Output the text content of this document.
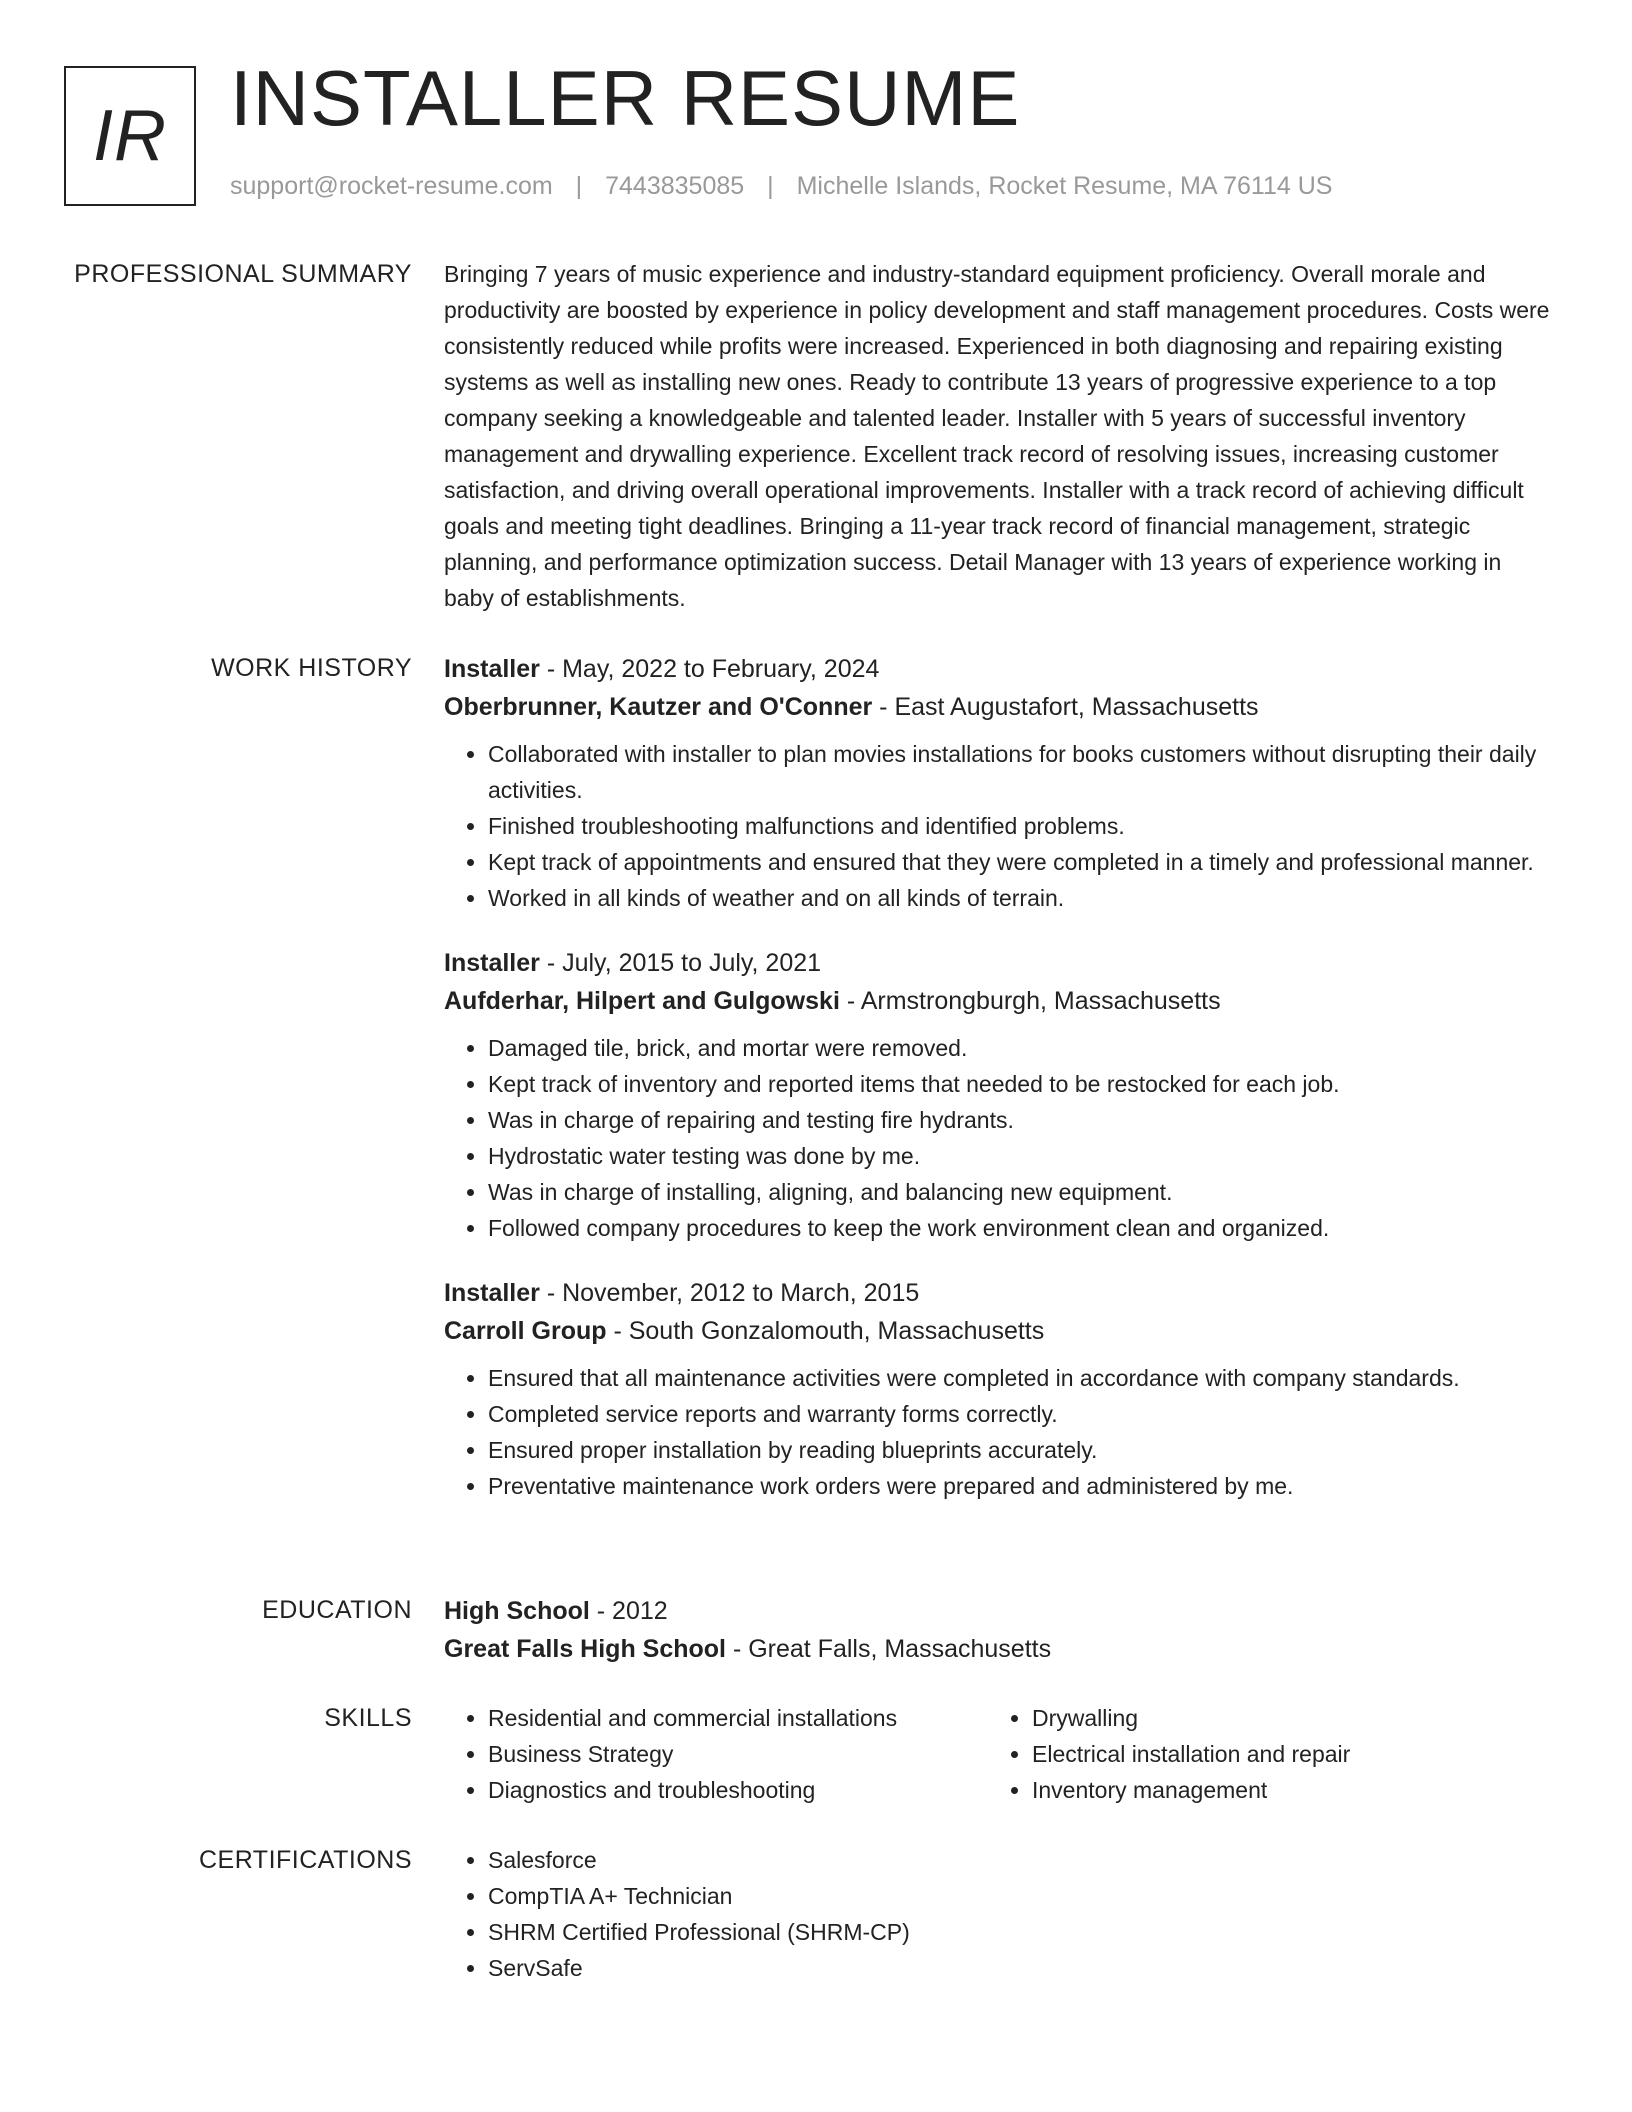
IR INSTALLER RESUME
support@rocket-resume.com | 7443835085 | Michelle Islands, Rocket Resume, MA 76114 US
PROFESSIONAL SUMMARY Bringing 7 years of music experience and industry-standard equipment proficiency. Overall morale and productivity are boosted by experience in policy development and staff management procedures. Costs were consistently reduced while profits were increased. Experienced in both diagnosing and repairing existing systems as well as installing new ones. Ready to contribute 13 years of progressive experience to a top company seeking a knowledgeable and talented leader. Installer with 5 years of successful inventory management and drywalling experience. Excellent track record of resolving issues, increasing customer satisfaction, and driving overall operational improvements. Installer with a track record of achieving difficult goals and meeting tight deadlines. Bringing a 11-year track record of financial management, strategic planning, and performance optimization success. Detail Manager with 13 years of experience working in baby of establishments.

WORK HISTORY Installer - May, 2022 to February, 2024
Oberbrunner, Kautzer and O'Conner - East Augustafort, Massachusetts
• Collaborated with installer to plan movies installations for books customers without disrupting their daily activities.
• Finished troubleshooting malfunctions and identified problems.
• Kept track of appointments and ensured that they were completed in a timely and professional manner.
• Worked in all kinds of weather and on all kinds of terrain.
Installer - July, 2015 to July, 2021
Aufderhar, Hilpert and Gulgowski - Armstrongburgh, Massachusetts
• Damaged tile, brick, and mortar were removed.
• Kept track of inventory and reported items that needed to be restocked for each job.
• Was in charge of repairing and testing fire hydrants.
• Hydrostatic water testing was done by me.
• Was in charge of installing, aligning, and balancing new equipment.
• Followed company procedures to keep the work environment clean and organized.
Installer - November, 2012 to March, 2015
Carroll Group - South Gonzalomouth, Massachusetts
• Ensured that all maintenance activities were completed in accordance with company standards.
• Completed service reports and warranty forms correctly.
• Ensured proper installation by reading blueprints accurately.
• Preventative maintenance work orders were prepared and administered by me.
EDUCATION High School - 2012
Great Falls High School - Great Falls, Massachusetts
SKILLS	• Residential and commercial installations
• Business Strategy
• Diagnostics and troubleshooting
• Drywalling
• Electrical installation and repair
• Inventory management
CERTIFICATIONS	• Salesforce
• CompTIA A+ Technician
• SHRM Certified Professional (SHRM-CP)
• ServSafe
